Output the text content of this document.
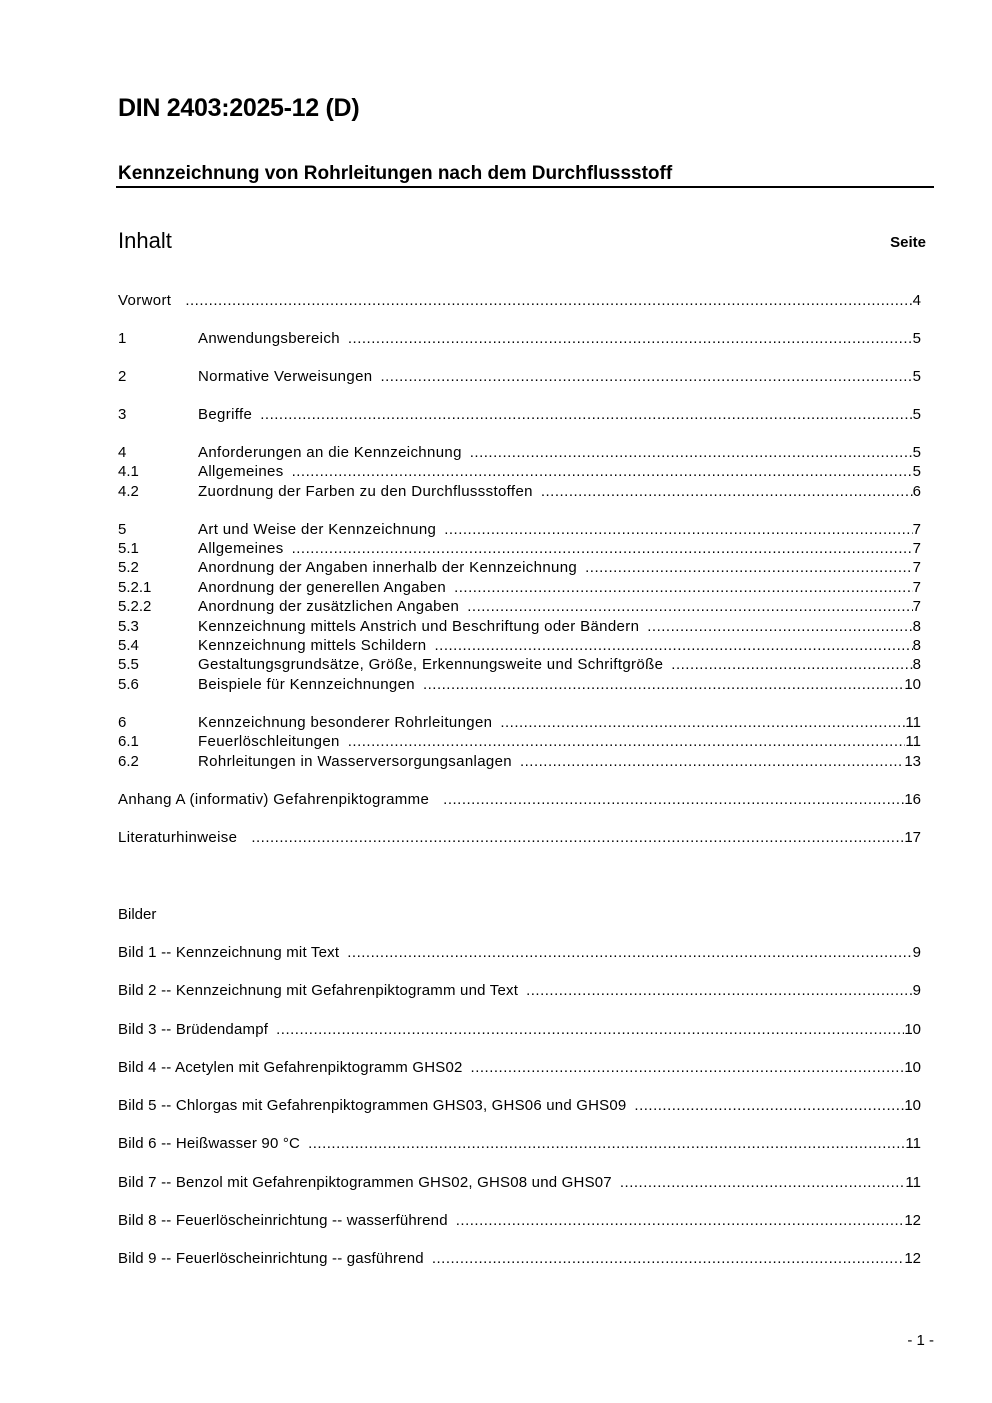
DIN 2403:2025-12 (D)
Kennzeichnung von Rohrleitungen nach dem Durchflussstoff
Inhalt	Seite
Vorwort .....	4
1	Anwendungsbereich .....	5
2	Normative Verweisungen .....	5
3	Begriffe .....	5
4	Anforderungen an die Kennzeichnung .....	5
4.1	Allgemeines .....	5
4.2	Zuordnung der Farben zu den Durchflussstoffen .....	6
5	Art und Weise der Kennzeichnung .....	7
5.1	Allgemeines .....	7
5.2	Anordnung der Angaben innerhalb der Kennzeichnung .....	7
5.2.1	Anordnung der generellen Angaben .....	7
5.2.2	Anordnung der zusätzlichen Angaben .....	7
5.3	Kennzeichnung mittels Anstrich und Beschriftung oder Bändern .....	8
5.4	Kennzeichnung mittels Schildern .....	8
5.5	Gestaltungsgrundsätze, Größe, Erkennungsweite und Schriftgröße .....	8
5.6	Beispiele für Kennzeichnungen .....	10
6	Kennzeichnung besonderer Rohrleitungen .....	11
6.1	Feuerlöschleitungen .....	11
6.2	Rohrleitungen in Wasserversorgungsanlagen .....	13
Anhang A (informativ) Gefahrenpiktogramme .....	16
Literaturhinweise .....	17
Bilder
Bild 1 -- Kennzeichnung mit Text .....	9
Bild 2 -- Kennzeichnung mit Gefahrenpiktogramm und Text .....	9
Bild 3 -- Brüdendampf .....	10
Bild 4 -- Acetylen mit Gefahrenpiktogramm GHS02 .....	10
Bild 5 -- Chlorgas mit Gefahrenpiktogrammen GHS03, GHS06 und GHS09 .....	10
Bild 6 -- Heißwasser 90 °C .....	11
Bild 7 -- Benzol mit Gefahrenpiktogrammen GHS02, GHS08 und GHS07 .....	11
Bild 8 -- Feuerlöscheinrichtung -- wasserführend .....	12
Bild 9 -- Feuerlöscheinrichtung -- gasführend .....	12
- 1 -
